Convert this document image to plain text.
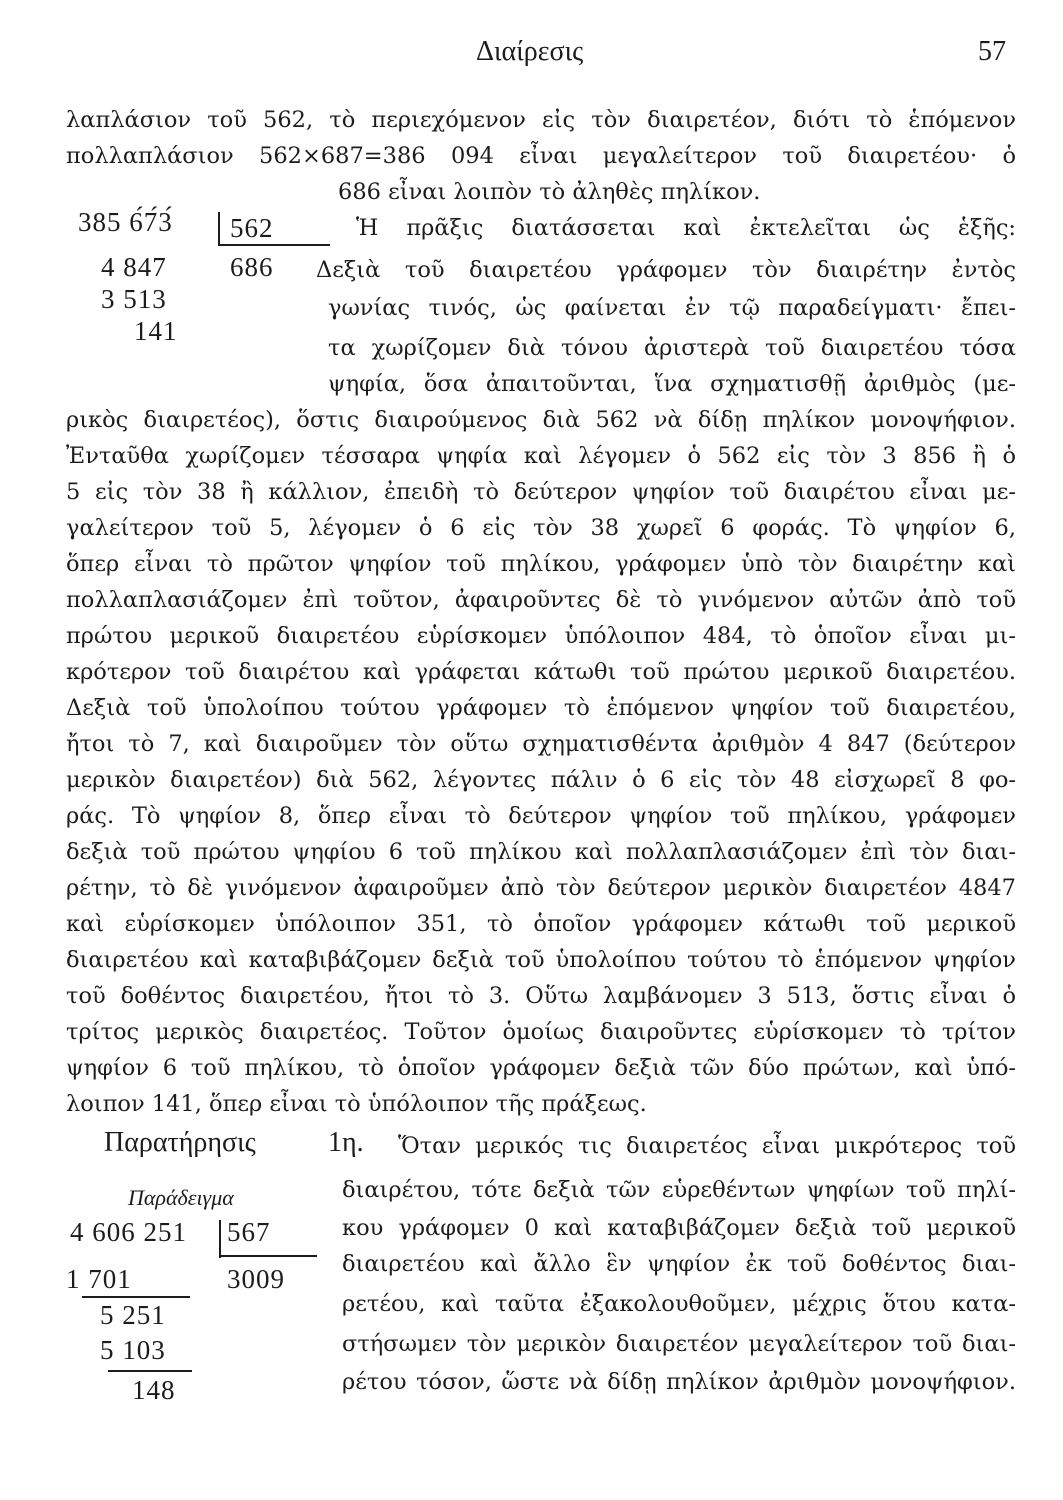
Διαίρεσις	57
λαπλάσιον τοῦ 562, τὸ περιεχόμενον εἰς τὸν διαιρετέον, διότι τὸ ἑπόμενον
πολλαπλάσιον 562×687=386 094 εἶναι μεγαλείτερον τοῦ διαιρετέου· ὁ
686 εἶναι λοιπὸν τὸ ἀληθὲς πηλίκον.
385 6́7́3́ 562
686
4 847
3 513
141
Ἡ πρᾶξις διατάσσεται καὶ ἐκτελεῖται ὡς ἑξῆς:
Δεξιὰ τοῦ διαιρετέου γράφομεν τὸν διαιρέτην ἐντὸς
γωνίας τινός, ὡς φαίνεται ἐν τῷ παραδείγματι· ἔπει-
τα χωρίζομεν διὰ τόνου ἀριστερὰ τοῦ διαιρετέου τόσα
ψηφία, ὅσα ἀπαιτοῦνται, ἵνα σχηματισθῇ ἀριθμὸς (με-
ρικὸς διαιρετέος), ὅστις διαιρούμενος διὰ 562 νὰ δίδῃ πηλίκον μονοψήφιον.
Ἐνταῦθα χωρίζομεν τέσσαρα ψηφία καὶ λέγομεν ὁ 562 εἰς τὸν 3 856 ἢ ὁ
5 εἰς τὸν 38 ἢ κάλλιον, ἐπειδὴ τὸ δεύτερον ψηφίον τοῦ διαιρέτου εἶναι με-
γαλείτερον τοῦ 5, λέγομεν ὁ 6 εἰς τὸν 38 χωρεῖ 6 φοράς. Τὸ ψηφίον 6,
ὅπερ εἶναι τὸ πρῶτον ψηφίον τοῦ πηλίκου, γράφομεν ὑπὸ τὸν διαιρέτην καὶ
πολλαπλασιάζομεν ἐπὶ τοῦτον, ἀφαιροῦντες δὲ τὸ γινόμενον αὐτῶν ἀπὸ τοῦ
πρώτου μερικοῦ διαιρετέου εὑρίσκομεν ὑπόλοιπον 484, τὸ ὁποῖον εἶναι μι-
κρότερον τοῦ διαιρέτου καὶ γράφεται κάτωθι τοῦ πρώτου μερικοῦ διαιρετέου.
Δεξιὰ τοῦ ὑπολοίπου τούτου γράφομεν τὸ ἑπόμενον ψηφίον τοῦ διαιρετέου,
ἤτοι τὸ 7, καὶ διαιροῦμεν τὸν οὕτω σχηματισθέντα ἀριθμὸν 4 847 (δεύτερον
μερικὸν διαιρετέον) διὰ 562, λέγοντες πάλιν ὁ 6 εἰς τὸν 48 εἰσχωρεῖ 8 φο-
ράς. Τὸ ψηφίον 8, ὅπερ εἶναι τὸ δεύτερον ψηφίον τοῦ πηλίκου, γράφομεν
δεξιὰ τοῦ πρώτου ψηφίου 6 τοῦ πηλίκου καὶ πολλαπλασιάζομεν ἐπὶ τὸν διαι-
ρέτην, τὸ δὲ γινόμενον ἀφαιροῦμεν ἀπὸ τὸν δεύτερον μερικὸν διαιρετέον 4847
καὶ εὑρίσκομεν ὑπόλοιπον 351, τὸ ὁποῖον γράφομεν κάτωθι τοῦ μερικοῦ
διαιρετέου καὶ καταβιβάζομεν δεξιὰ τοῦ ὑπολοίπου τούτου τὸ ἑπόμενον ψηφίον
τοῦ δοθέντος διαιρετέου, ἤτοι τὸ 3. Οὕτω λαμβάνομεν 3 513, ὅστις εἶναι ὁ
τρίτος μερικὸς διαιρετέος. Τοῦτον ὁμοίως διαιροῦντες εὑρίσκομεν τὸ τρίτον
ψηφίον 6 τοῦ πηλίκου, τὸ ὁποῖον γράφομεν δεξιὰ τῶν δύο πρώτων, καὶ ὑπό-
λοιπον 141, ὅπερ εἶναι τὸ ὑπόλοιπον τῆς πράξεως.
Παρατήρησις	1η. Ὅταν μερικός τις διαιρετέος εἶναι μικρότερος τοῦ
Παράδειγμα
4 606 251 567
3009
1 701
5 251
5 103
148
διαιρέτου, τότε δεξιὰ τῶν εὑρεθέντων ψηφίων τοῦ πηλί-
κου γράφομεν 0 καὶ καταβιβάζομεν δεξιὰ τοῦ μερικοῦ
διαιρετέου καὶ ἄλλο ἓν ψηφίον ἐκ τοῦ δοθέντος διαι-
ρετέου, καὶ ταῦτα ἐξακολουθοῦμεν, μέχρις ὅτου κατα-
στήσωμεν τὸν μερικὸν διαιρετέον μεγαλείτερον τοῦ διαι-
ρέτου τόσον, ὥστε νὰ δίδῃ πηλίκον ἀριθμὸν μονοψήφιον.
